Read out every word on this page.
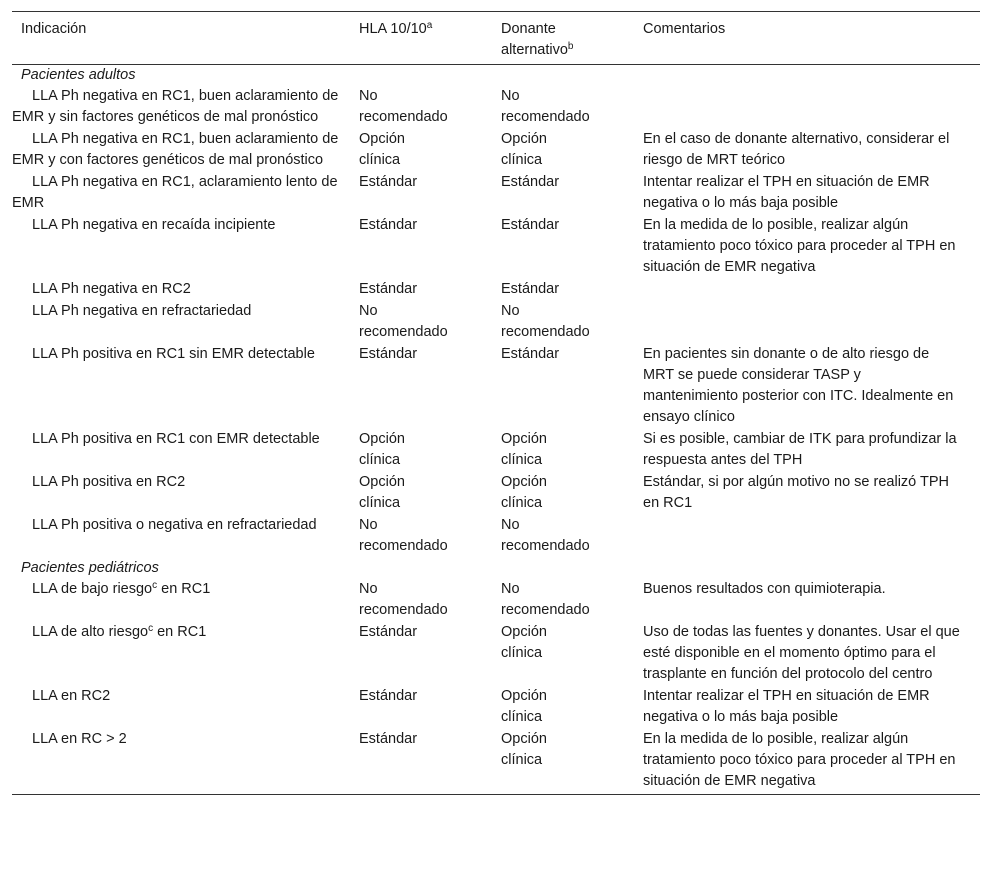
Indicación	HLA 10/10$^a$	Donante alternativo$^b$	Comentarios
Pacientes adultos			
LLA Ph negativa en RC1, buen aclaramiento de EMR y sin factores genéticos de mal pronóstico	No recomendado	No recomendado	
LLA Ph negativa en RC1, buen aclaramiento de EMR y con factores genéticos de mal pronóstico	Opción clínica	Opción clínica	En el caso de donante alternativo, considerar el riesgo de MRT teórico
LLA Ph negativa en RC1, aclaramiento lento de EMR	Estándar	Estándar	Intentar realizar el TPH en situación de EMR negativa o lo más baja posible
LLA Ph negativa en recaída incipiente	Estándar	Estándar	En la medida de lo posible, realizar algún tratamiento poco tóxico para proceder al TPH en situación de EMR negativa
LLA Ph negativa en RC2	Estándar	Estándar	
LLA Ph negativa en refractariedad	No recomendado	No recomendado	
LLA Ph positiva en RC1 sin EMR detectable	Estándar	Estándar	En pacientes sin donante o de alto riesgo de MRT se puede considerar TASP y mantenimiento posterior con ITC. Idealmente en ensayo clínico
LLA Ph positiva en RC1 con EMR detectable	Opción clínica	Opción clínica	Si es posible, cambiar de ITK para profundizar la respuesta antes del TPH
LLA Ph positiva en RC2	Opción clínica	Opción clínica	Estándar, si por algún motivo no se realizó TPH en RC1
LLA Ph positiva o negativa en refractariedad	No recomendado	No recomendado	
Pacientes pediátricos			
LLA de bajo riesgo$^c$ en RC1	No recomendado	No recomendado	Buenos resultados con quimioterapia.
LLA de alto riesgo$^c$ en RC1	Estándar	Opción clínica	Uso de todas las fuentes y donantes. Usar el que esté disponible en el momento óptimo para el trasplante en función del protocolo del centro
LLA en RC2	Estándar	Opción clínica	Intentar realizar el TPH en situación de EMR negativa o lo más baja posible
LLA en RC > 2	Estándar	Opción clínica	En la medida de lo posible, realizar algún tratamiento poco tóxico para proceder al TPH en situación de EMR negativa
